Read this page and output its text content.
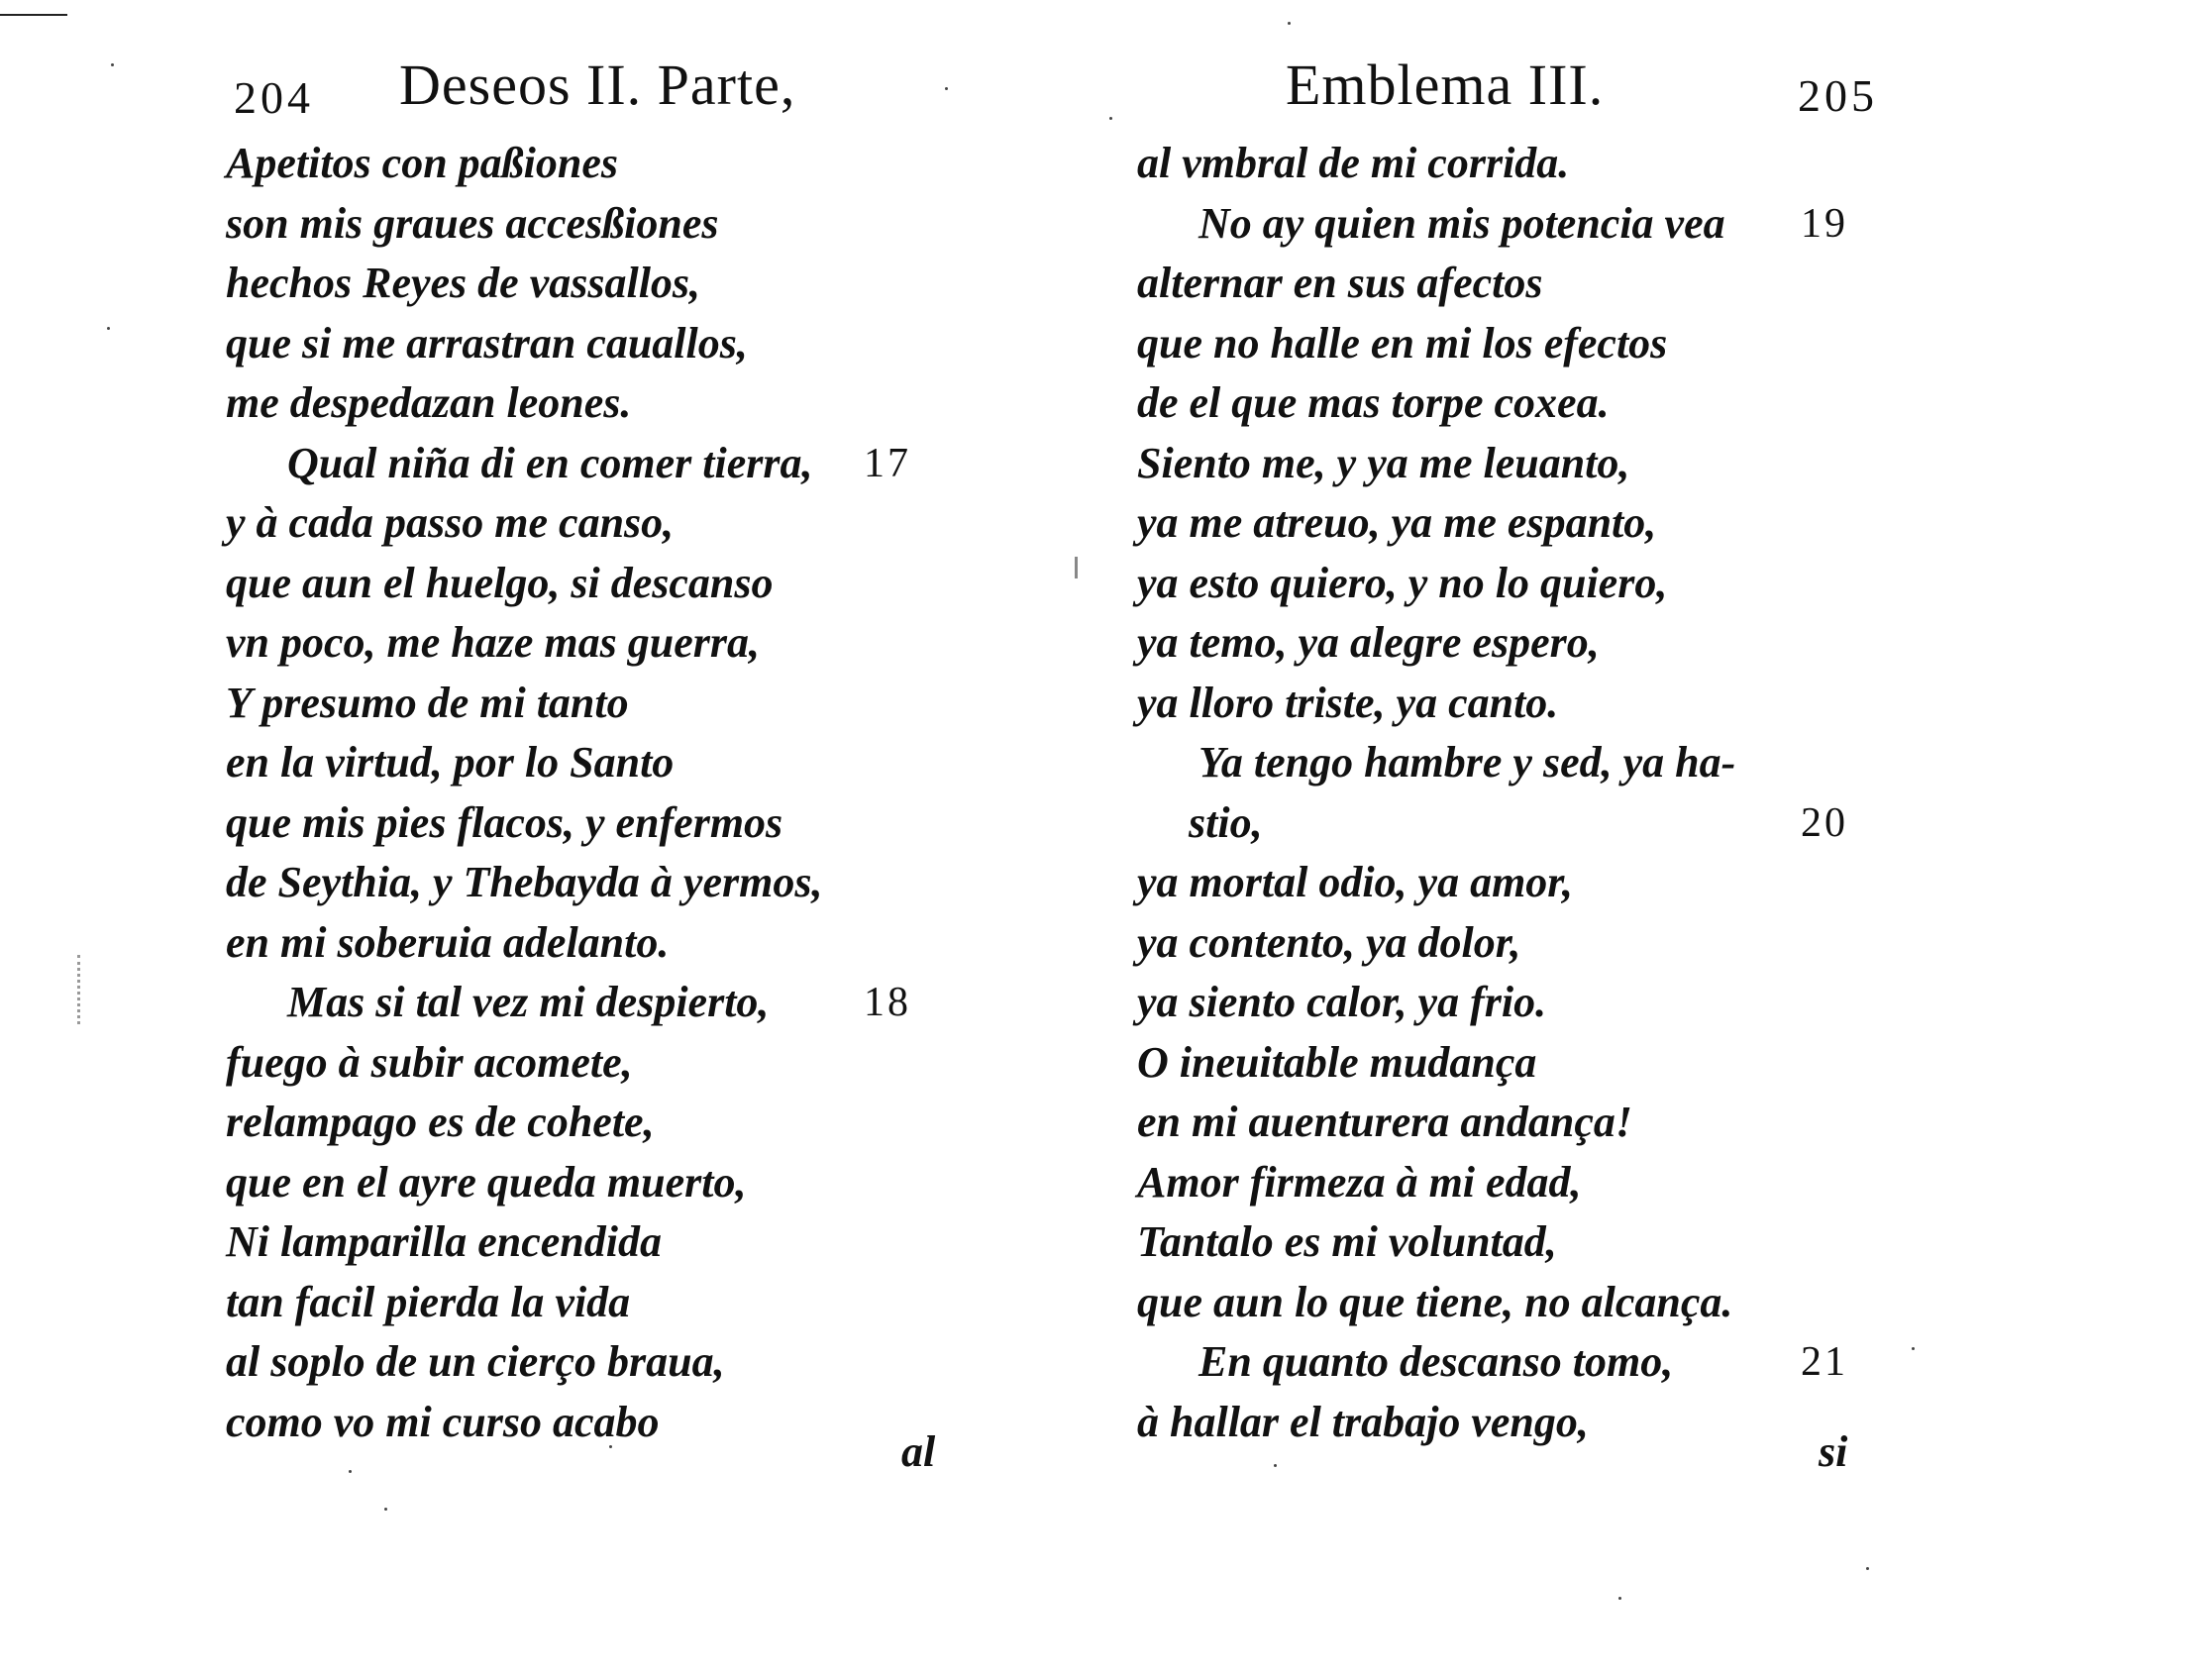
204 Deseos II. Parte,
Apetitos con paßiones
son mis graues accesßiones
hechos Reyes de vassallos,
que si me arrastran cauallos,
me despedazan leones.
Qual niña di en comer tierra, 17
y à cada passo me canso,
que aun el huelgo, si descanso
vn poco, me haze mas guerra,
Y presumo de mi tanto
en la virtud, por lo Santo
que mis pies flacos, y enfermos
de Seythia, y Thebayda à yermos,
en mi soberuia adelanto.
Mas si tal vez mi despierto, 18
fuego à subir acomete,
relampago es de cohete,
que en el ayre queda muerto,
Ni lamparilla encendida
tan facil pierda la vida
al soplo de un cierço braua,
como vo mi curso acabo
al
Emblema III.	205
al vmbral de mi corrida.
No ay quien mis potencia vea 19
alternar en sus afectos
que no halle en mi los efectos
de el que mas torpe coxea.
Siento me, y ya me leuanto,
ya me atreuo, ya me espanto,
ya esto quiero, y no lo quiero,
ya temo, ya alegre espero,
ya lloro triste, ya canto.
Ya tengo hambre y sed, ya ha-
stio,	20
ya mortal odio, ya amor,
ya contento, ya dolor,
ya siento calor, ya frio.
O ineuitable mudança
en mi auenturera andança!
Amor firmeza à mi edad,
Tantalo es mi voluntad,
que aun lo que tiene, no alcança.
En quanto descanso tomo,	21
à hallar el trabajo vengo,
si
